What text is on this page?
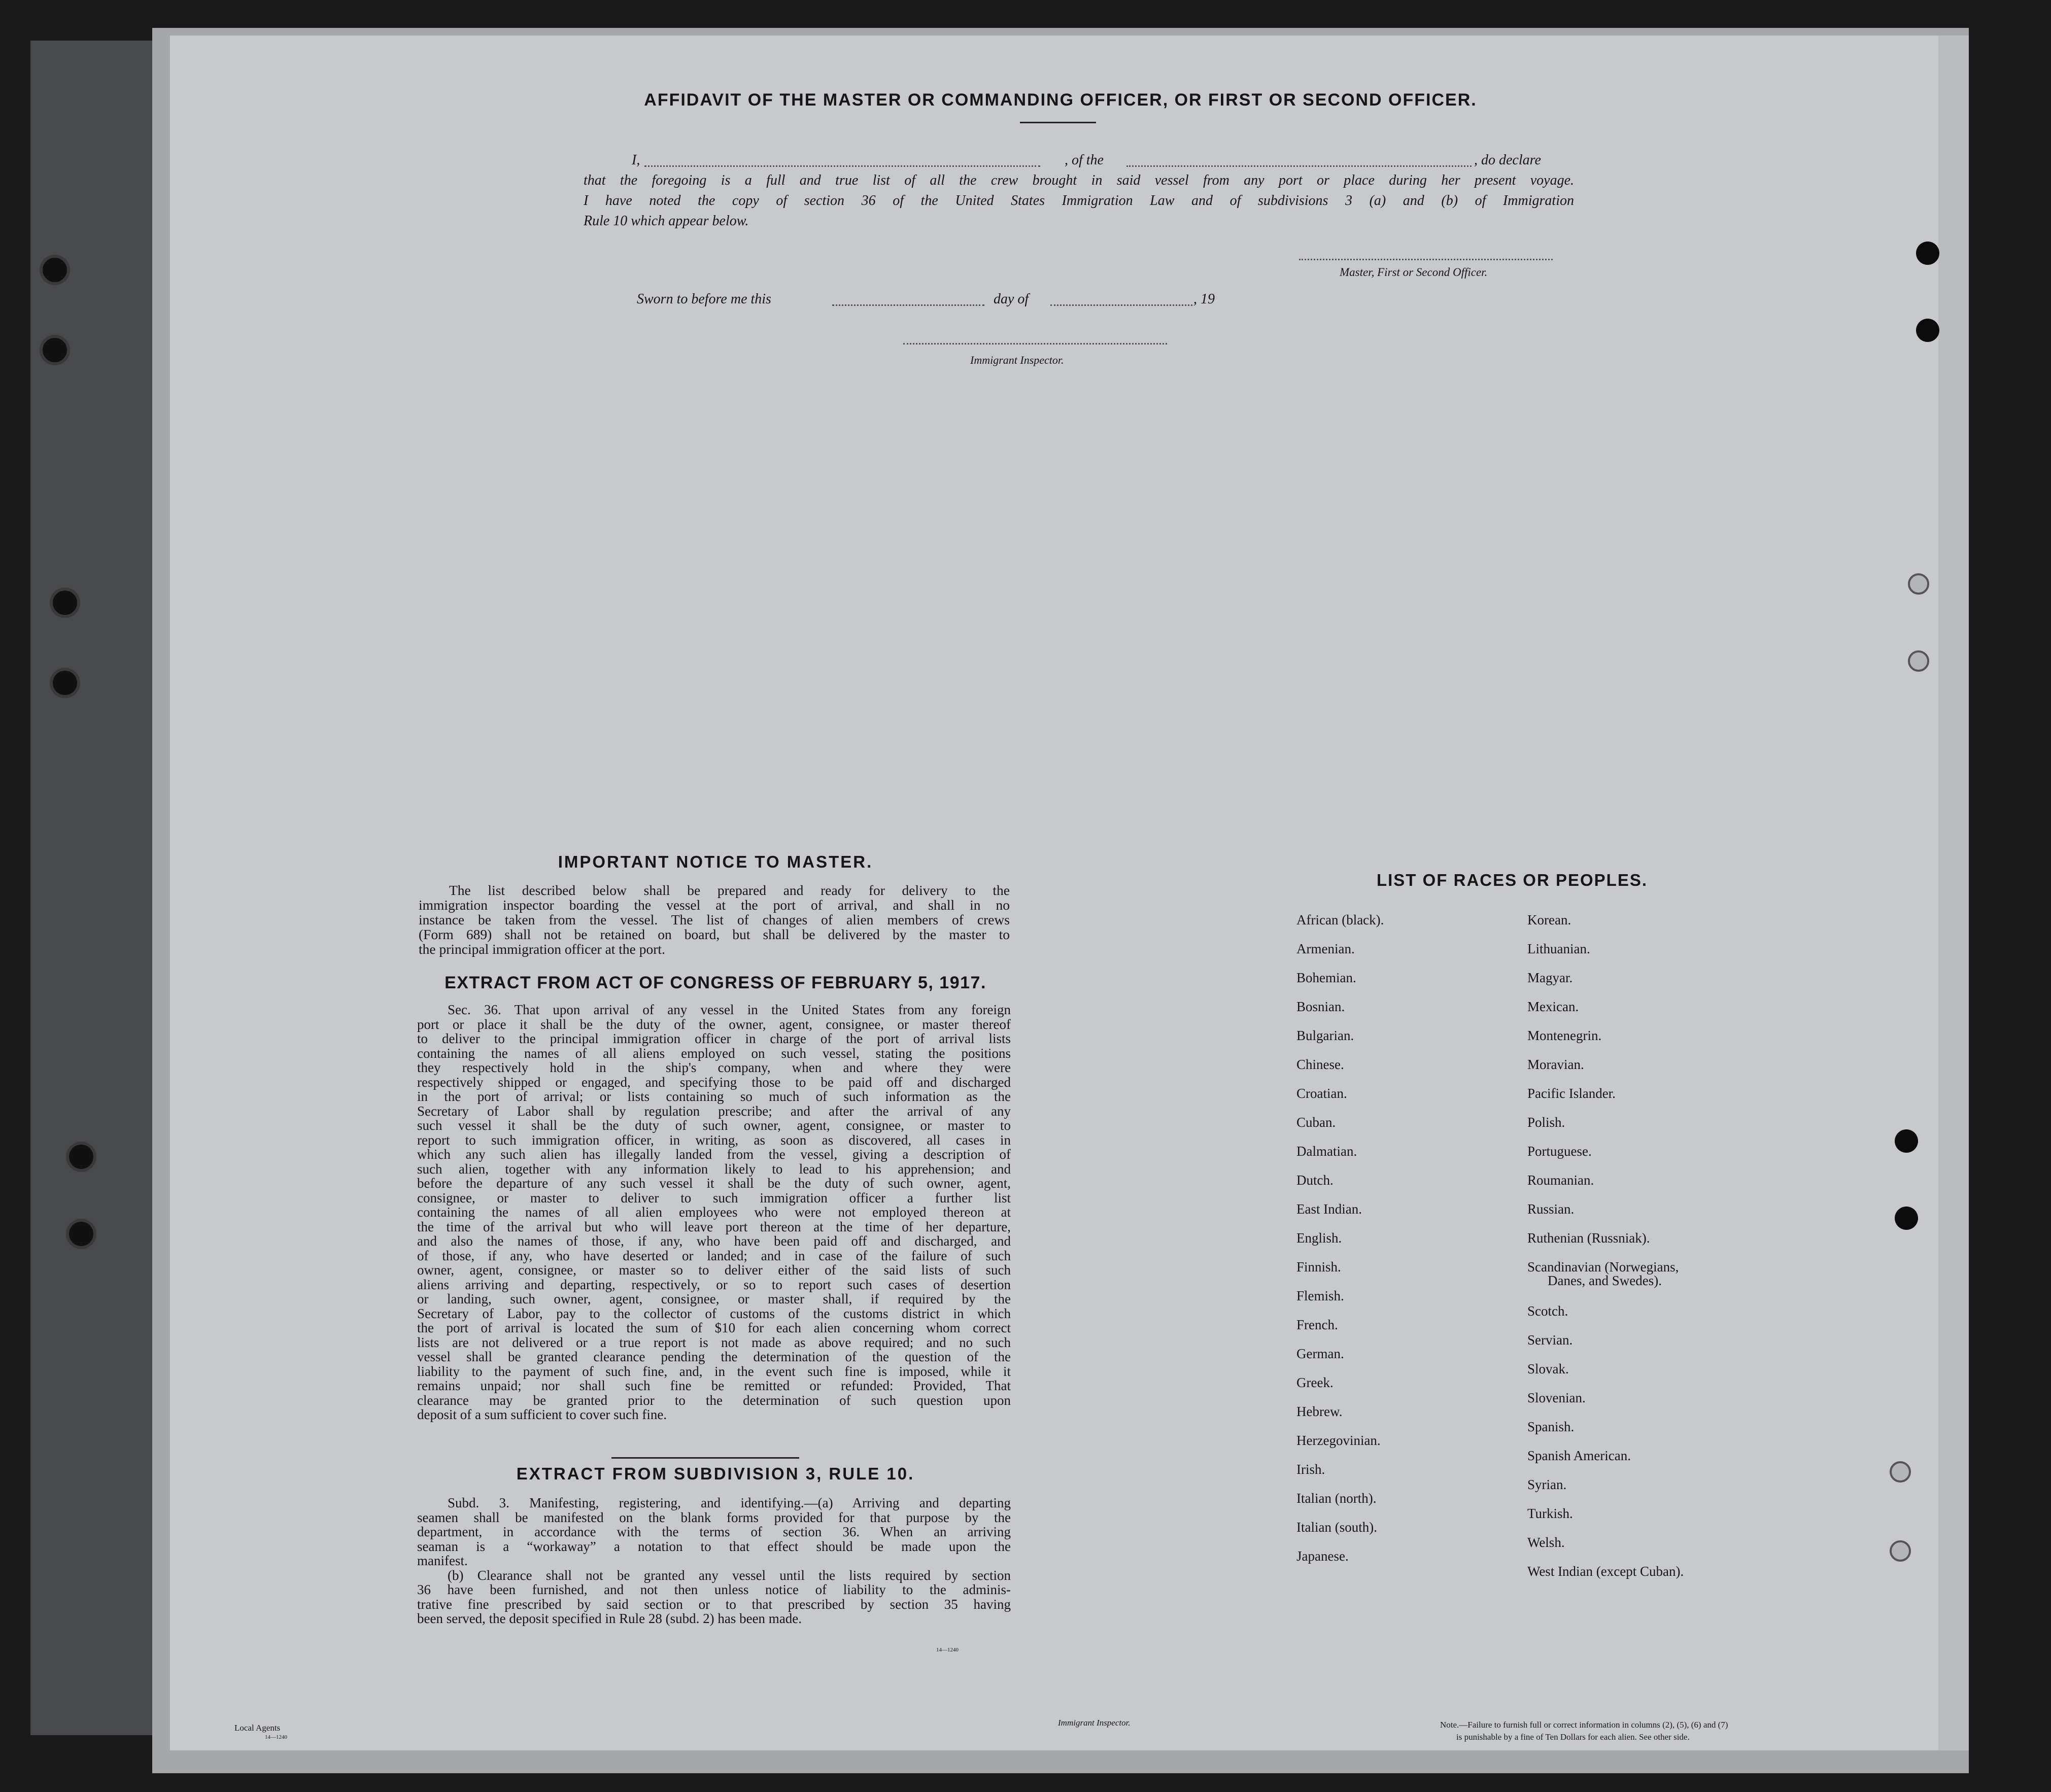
AFFIDAVIT OF THE MASTER OR COMMANDING OFFICER, OR FIRST OR SECOND OFFICER.
I,	, of the	, do declare
that the foregoing is a full and true list of all the crew brought in said vessel from any port or place during her present voyage.
I have noted the copy of section 36 of the United States Immigration Law and of subdivisions 3 (a) and (b) of Immigration
Rule 10 which appear below.
Master, First or Second Officer.
Sworn to before me this	day of	, 19
Immigrant Inspector.
IMPORTANT NOTICE TO MASTER.
The list described below shall be prepared and ready for delivery to the
immigration inspector boarding the vessel at the port of arrival, and shall in no
instance be taken from the vessel. The list of changes of alien members of crews
(Form 689) shall not be retained on board, but shall be delivered by the master to
the principal immigration officer at the port.
EXTRACT FROM ACT OF CONGRESS OF FEBRUARY 5, 1917.
Sec. 36. That upon arrival of any vessel in the United States from any foreign
port or place it shall be the duty of the owner, agent, consignee, or master thereof
to deliver to the principal immigration officer in charge of the port of arrival lists
containing the names of all aliens employed on such vessel, stating the positions
they respectively hold in the ship's company, when and where they were
respectively shipped or engaged, and specifying those to be paid off and discharged
in the port of arrival; or lists containing so much of such information as the
Secretary of Labor shall by regulation prescribe; and after the arrival of any
such vessel it shall be the duty of such owner, agent, consignee, or master to
report to such immigration officer, in writing, as soon as discovered, all cases in
which any such alien has illegally landed from the vessel, giving a description of
such alien, together with any information likely to lead to his apprehension; and
before the departure of any such vessel it shall be the duty of such owner, agent,
consignee, or master to deliver to such immigration officer a further list
containing the names of all alien employees who were not employed thereon at
the time of the arrival but who will leave port thereon at the time of her departure,
and also the names of those, if any, who have been paid off and discharged, and
of those, if any, who have deserted or landed; and in case of the failure of such
owner, agent, consignee, or master so to deliver either of the said lists of such
aliens arriving and departing, respectively, or so to report such cases of desertion
or landing, such owner, agent, consignee, or master shall, if required by the
Secretary of Labor, pay to the collector of customs of the customs district in which
the port of arrival is located the sum of $10 for each alien concerning whom correct
lists are not delivered or a true report is not made as above required; and no such
vessel shall be granted clearance pending the determination of the question of the
liability to the payment of such fine, and, in the event such fine is imposed, while it
remains unpaid; nor shall such fine be remitted or refunded: Provided, That
clearance may be granted prior to the determination of such question upon
deposit of a sum sufficient to cover such fine.
EXTRACT FROM SUBDIVISION 3, RULE 10.
Subd. 3. Manifesting, registering, and identifying.—(a) Arriving and departing
seamen shall be manifested on the blank forms provided for that purpose by the
department, in accordance with the terms of section 36. When an arriving
seaman is a “workaway” a notation to that effect should be made upon the
manifest.
(b) Clearance shall not be granted any vessel until the lists required by section
36 have been furnished, and not then unless notice of liability to the adminis-
trative fine prescribed by said section or to that prescribed by section 35 having
been served, the deposit specified in Rule 28 (subd. 2) has been made.
14—1240
LIST OF RACES OR PEOPLES.
African (black).
Armenian.
Bohemian.
Bosnian.
Bulgarian.
Chinese.
Croatian.
Cuban.
Dalmatian.
Dutch.
East Indian.
English.
Finnish.
Flemish.
French.
German.
Greek.
Hebrew.
Herzegovinian.
Irish.
Italian (north).
Italian (south).
Japanese.
Korean.
Lithuanian.
Magyar.
Mexican.
Montenegrin.
Moravian.
Pacific Islander.
Polish.
Portuguese.
Roumanian.
Russian.
Ruthenian (Russniak).
Scandinavian (Norwegians,
Danes, and Swedes).
Scotch.
Servian.
Slovak.
Slovenian.
Spanish.
Spanish American.
Syrian.
Turkish.
Welsh.
West Indian (except Cuban).
Local Agents
14—1240
Immigrant Inspector.	Note.—Failure to furnish full or correct information in columns (2), (5), (6) and (7)
is punishable by a fine of Ten Dollars for each alien. See other side.
